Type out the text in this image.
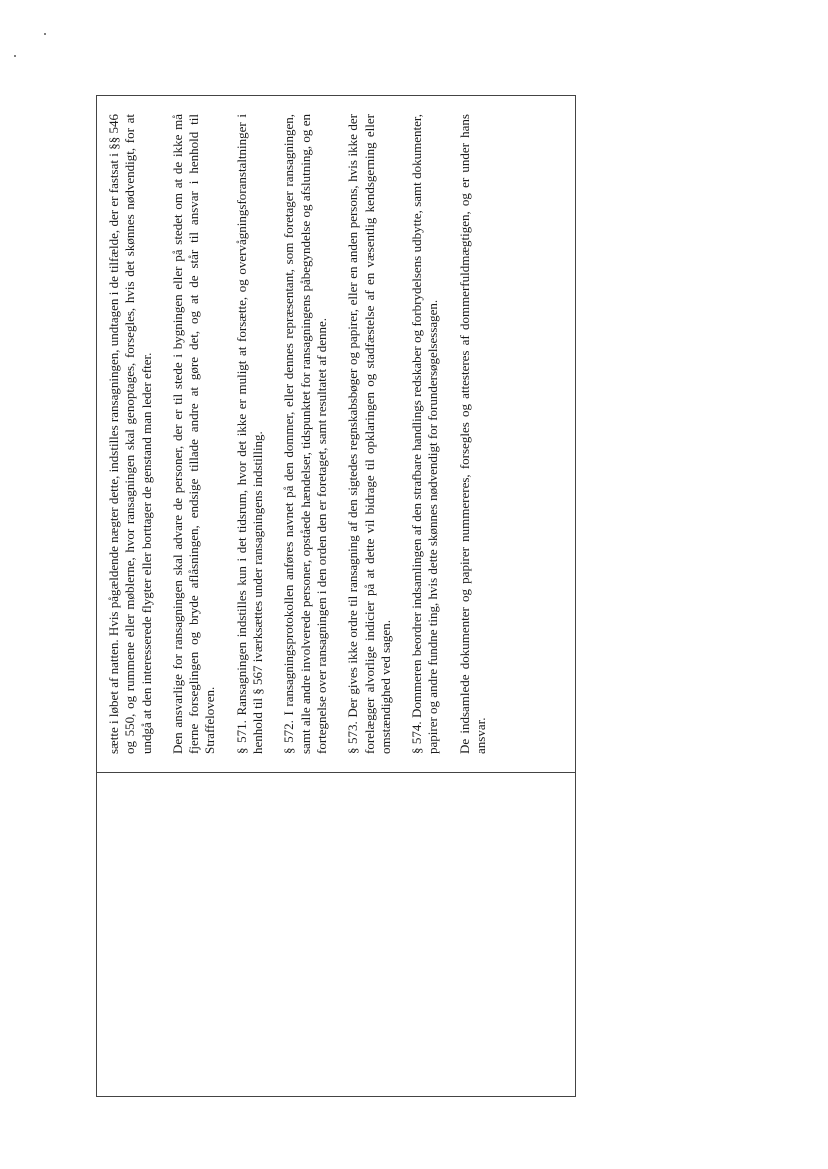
sætte i løbet af natten. Hvis pågældende nægter dette, indstilles ransagningen, undtagen i de tilfælde, der er fastsat i §§ 546 og 550, og rummene eller møblerne, hvor ransagningen skal genoptages, forsegles, hvis det skønnes nødvendigt, for at undgå at den interesserede flygter eller borttager de genstand man leder efter. Den ansvarlige for ransagningen skal advare de personer, der er til stede i bygningen eller på stedet om at de ikke må fjerne forseglingen og bryde aflåsningen, endsige tillade andre at gøre det, og at de står til ansvar i henhold til Straffeloven. § 571. Ransagningen indstilles kun i det tidsrum, hvor det ikke er muligt at forsætte, og overvågningsforanstaltninger i henhold til § 567 iværksættes under ransagningens indstilling. § 572. I ransagningsprotokollen anføres navnet på den dommer, eller dennes repræsentant, som foretager ransagningen, samt alle andre involverede personer, opståede hændelser, tidspunktet for ransagningens påbegyndelse og afslutning, og en fortegnelse over ransagningen i den orden den er foretaget, samt resultatet af denne. § 573. Der gives ikke ordre til ransagning af den sigtedes regnskabsbøger og papirer, eller en anden persons, hvis ikke der forelægger alvorlige indicier på at dette vil bidrage til opklaringen og stadfæstelse af en væsentlig kendsgerning eller omstændighed ved sagen. § 574. Dommeren beordrer indsamlingen af den strafbare handlings redskaber og forbrydelsens udbytte, samt dokumenter, papirer og andre fundne ting, hvis dette skønnes nødvendigt for forundersøgelsessagen. De indsamlede dokumenter og papirer nummereres, forsegles og attesteres af dommerfuldmægtigen, og er under hans ansvar.
